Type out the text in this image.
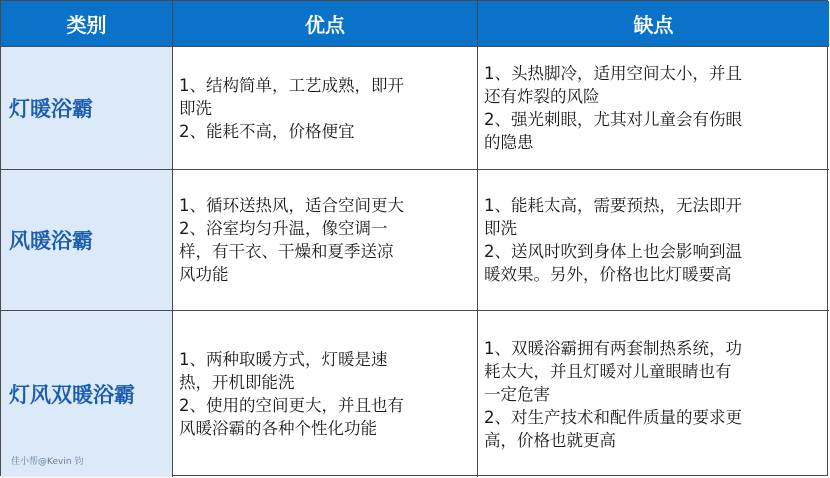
类别	优点	缺点
灯暖浴霸
1、结构简单，工艺成熟，即开
即洗
2、能耗不高，价格便宜
1、头热脚冷，适用空间太小，并且
还有炸裂的风险
2、强光刺眼，尤其对儿童会有伤眼
的隐患
风暖浴霸
1、循环送热风，适合空间更大
2、浴室均匀升温，像空调一
样，有干衣、干燥和夏季送凉
风功能
1、能耗太高，需要预热，无法即开
即洗
2、送风时吹到身体上也会影响到温
暖效果。另外，价格也比灯暖要高
灯风双暖浴霸
佳小帮@Kevin 钧
1、两种取暖方式，灯暖是速
热，开机即能洗
2、使用的空间更大，并且也有
风暖浴霸的各种个性化功能
1、双暖浴霸拥有两套制热系统，功
耗太大，并且灯暖对儿童眼睛也有
一定危害
2、对生产技术和配件质量的要求更
高，价格也就更高
